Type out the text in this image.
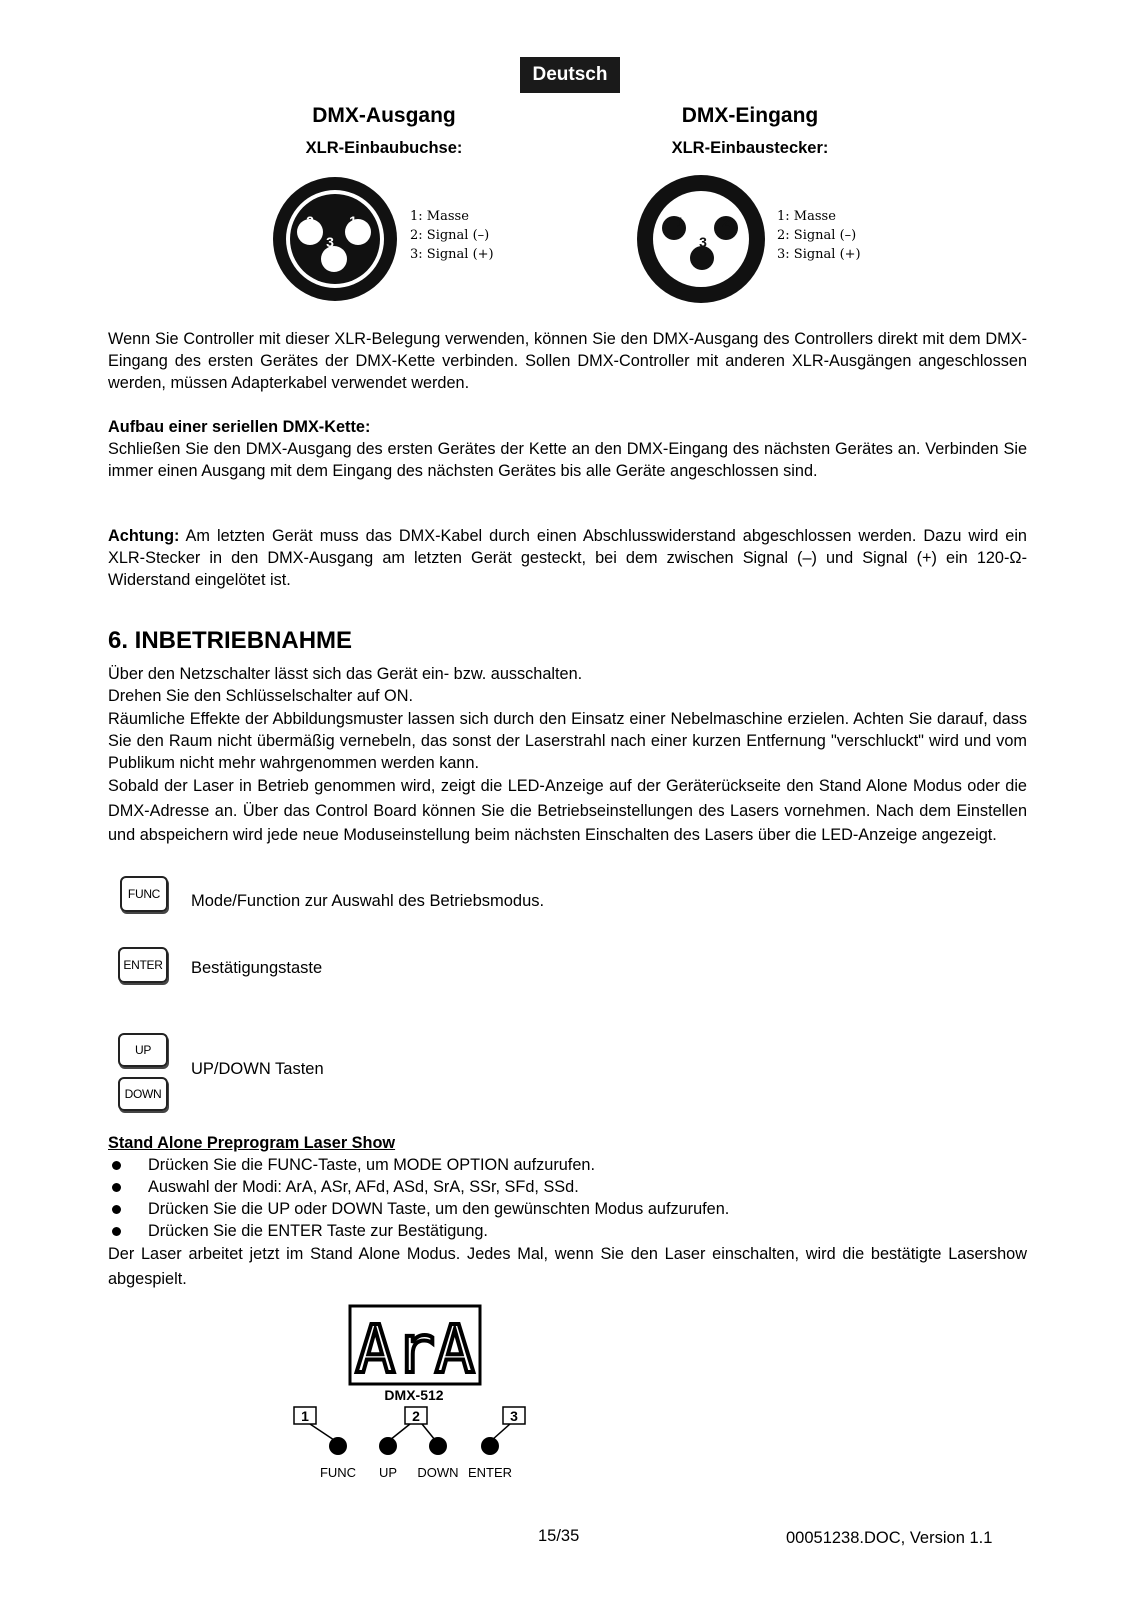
Deutsch
DMX-Ausgang
XLR-Einbaubuchse:
DMX-Eingang
XLR-Einbaustecker:
2	1
3
1: Masse
2: Signal (–)
3: Signal (+)
1	2
3
1: Masse
2: Signal (–)
3: Signal (+)
Wenn Sie Controller mit dieser XLR-Belegung verwenden, können Sie den DMX-Ausgang des Controllers direkt mit dem DMX-Eingang des ersten Gerätes der DMX-Kette verbinden. Sollen DMX-Controller mit anderen XLR-Ausgängen angeschlossen werden, müssen Adapterkabel verwendet werden.

Aufbau einer seriellen DMX-Kette:

Schließen Sie den DMX-Ausgang des ersten Gerätes der Kette an den DMX-Eingang des nächsten Gerätes an. Verbinden Sie immer einen Ausgang mit dem Eingang des nächsten Gerätes bis alle Geräte angeschlossen sind.

Achtung: Am letzten Gerät muss das DMX-Kabel durch einen Abschlusswiderstand abgeschlossen werden. Dazu wird ein XLR-Stecker in den DMX-Ausgang am letzten Gerät gesteckt, bei dem zwischen Signal (–) und Signal (+) ein 120-Ω-Widerstand eingelötet ist.
6. INBETRIEBNAHME

Über den Netzschalter lässt sich das Gerät ein- bzw. ausschalten.

Drehen Sie den Schlüsselschalter auf ON.

Räumliche Effekte der Abbildungsmuster lassen sich durch den Einsatz einer Nebelmaschine erzielen. Achten Sie darauf, dass Sie den Raum nicht übermäßig vernebeln, das sonst der Laserstrahl nach einer kurzen Entfernung "verschluckt" wird und vom Publikum nicht mehr wahrgenommen werden kann.

Sobald der Laser in Betrieb genommen wird, zeigt die LED-Anzeige auf der Geräterückseite den Stand Alone Modus oder die DMX-Adresse an. Über das Control Board können Sie die Betriebseinstellungen des Lasers vornehmen. Nach dem Einstellen und abspeichern wird jede neue Moduseinstellung beim nächsten Einschalten des Lasers über die LED-Anzeige angezeigt.

FUNC	Mode/Function zur Auswahl des Betriebsmodus.
ENTER	Bestätigungstaste
UP
DOWN
UP/DOWN Tasten

Stand Alone Preprogram Laser Show

Drücken Sie die FUNC-Taste, um MODE OPTION aufzurufen.
Auswahl der Modi: ArA, ASr, AFd, ASd, SrA, SSr, SFd, SSd.
Drücken Sie die UP oder DOWN Taste, um den gewünschten Modus aufzurufen.
Drücken Sie die ENTER Taste zur Bestätigung.

Der Laser arbeitet jetzt im Stand Alone Modus. Jedes Mal, wenn Sie den Laser einschalten, wird die bestätigte Lasershow abgespielt.

ArA
DMX-512
1	2	3
FUNC UP DOWN ENTER
15/35	00051238.DOC, Version 1.1
